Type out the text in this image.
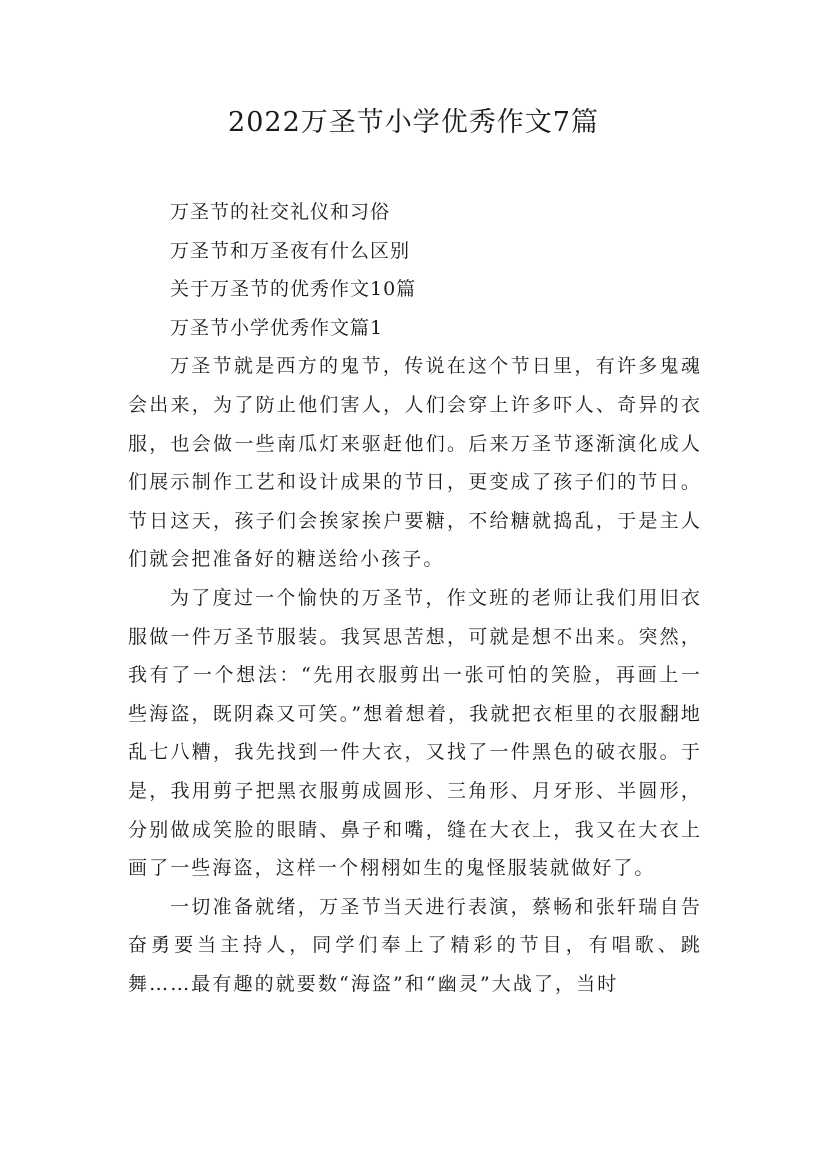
2022万圣节小学优秀作文7篇
万圣节的社交礼仪和习俗
万圣节和万圣夜有什么区别
关于万圣节的优秀作文10篇
万圣节小学优秀作文篇1

万圣节就是西方的鬼节，传说在这个节日里，有许多鬼魂会出来，为了防止他们害人，人们会穿上许多吓人、奇异的衣服，也会做一些南瓜灯来驱赶他们。后来万圣节逐渐演化成人们展示制作工艺和设计成果的节日，更变成了孩子们的节日。节日这天，孩子们会挨家挨户要糖，不给糖就捣乱，于是主人们就会把准备好的糖送给小孩子。

为了度过一个愉快的万圣节，作文班的老师让我们用旧衣服做一件万圣节服装。我冥思苦想，可就是想不出来。突然，我有了一个想法：“先用衣服剪出一张可怕的笑脸，再画上一些海盗，既阴森又可笑。”想着想着，我就把衣柜里的衣服翻地乱七八糟，我先找到一件大衣，又找了一件黑色的破衣服。于是，我用剪子把黑衣服剪成圆形、三角形、月牙形、半圆形，分别做成笑脸的眼睛、鼻子和嘴，缝在大衣上，我又在大衣上画了一些海盗，这样一个栩栩如生的鬼怪服装就做好了。

一切准备就绪，万圣节当天进行表演，蔡畅和张轩瑞自告奋勇要当主持人，同学们奉上了精彩的节目，有唱歌、跳舞……最有趣的就要数“海盗”和“幽灵”大战了，当时
